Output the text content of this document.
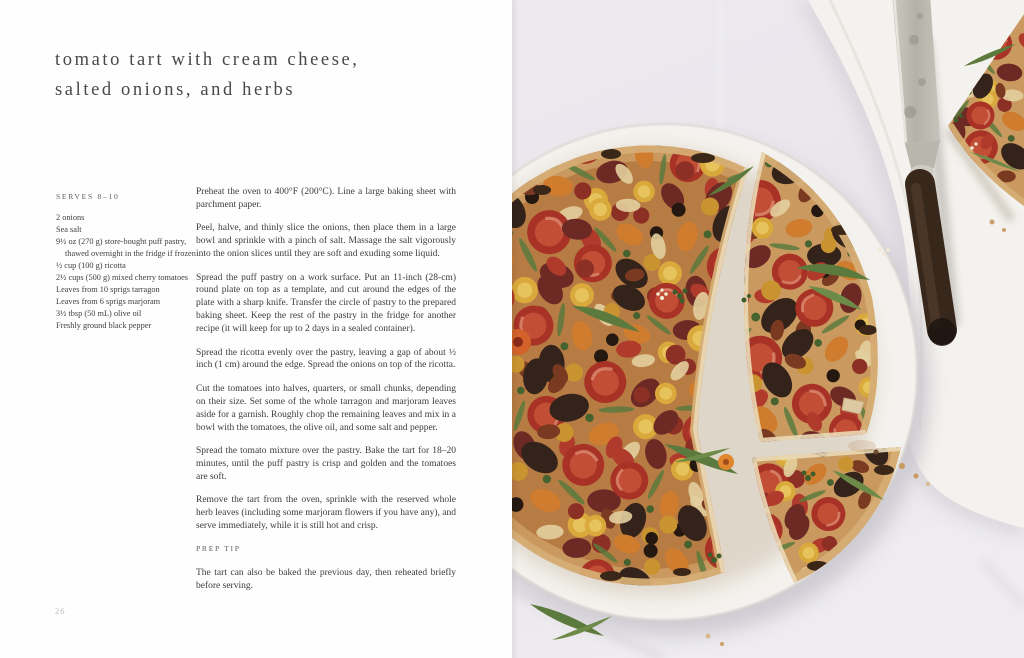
tomato tart with cream cheese,
salted onions, and herbs
SERVES 8–10
2 onions
Sea salt
9½ oz (270 g) store-bought puff pastry,
thawed overnight in the fridge if frozen
½ cup (100 g) ricotta
2½ cups (500 g) mixed cherry tomatoes
Leaves from 10 sprigs tarragon
Leaves from 6 sprigs marjoram
3½ tbsp (50 mL) olive oil
Freshly ground black pepper

Preheat the oven to 400°F (200°C). Line a large baking sheet with parchment paper.

Peel, halve, and thinly slice the onions, then place them in a large bowl and sprinkle with a pinch of salt. Massage the salt vigorously into the onion slices until they are soft and exuding some liquid.

Spread the puff pastry on a work surface. Put an 11-inch (28-cm) round plate on top as a template, and cut around the edges of the plate with a sharp knife. Transfer the circle of pastry to the prepared baking sheet. Keep the rest of the pastry in the fridge for another recipe (it will keep for up to 2 days in a sealed container).

Spread the ricotta evenly over the pastry, leaving a gap of about ½ inch (1 cm) around the edge. Spread the onions on top of the ricotta.

Cut the tomatoes into halves, quarters, or small chunks, depending on their size. Set some of the whole tarragon and marjoram leaves aside for a garnish. Roughly chop the remaining leaves and mix in a bowl with the tomatoes, the olive oil, and some salt and pepper.

Spread the tomato mixture over the pastry. Bake the tart for 18–20 minutes, until the puff pastry is crisp and golden and the tomatoes are soft.

Remove the tart from the oven, sprinkle with the reserved whole herb leaves (including some marjoram flowers if you have any), and serve immediately, while it is still hot and crisp.

PREP TIP

The tart can also be baked the previous day, then reheated briefly before serving.

26
